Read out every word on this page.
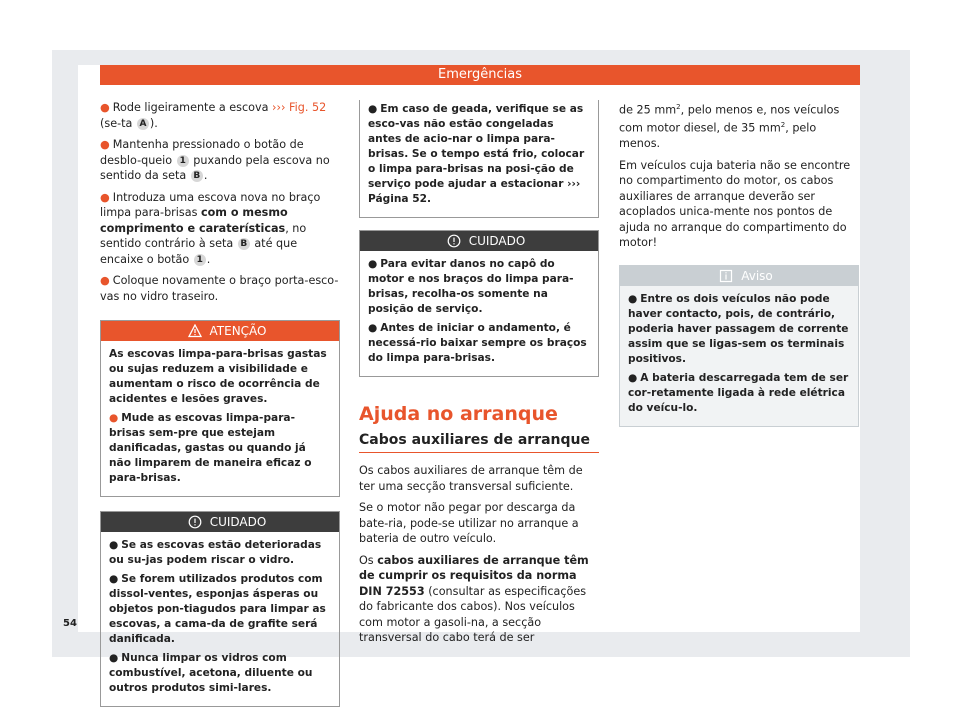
Emergências

● Rode ligeiramente a escova ››› Fig. 52 (se-ta A ).

● Mantenha pressionado o botão de desblo-queio 1 puxando pela escova no sentido da seta B .

● Introduza uma escova nova no braço limpa para-brisas com o mesmo comprimento e caraterísticas, no sentido contrário à seta B até que encaixe o botão 1 .

● Coloque novamente o braço porta-esco-vas no vidro traseiro.

ATENÇÃO

As escovas limpa-para-brisas gastas ou sujas reduzem a visibilidade e aumentam o risco de ocorrência de acidentes e lesões graves.

● Mude as escovas limpa-para-brisas sem-pre que estejam danificadas, gastas ou quando já não limparem de maneira eficaz o para-brisas.

CUIDADO

● Se as escovas estão deterioradas ou su-jas podem riscar o vidro.

● Se forem utilizados produtos com dissol-ventes, esponjas ásperas ou objetos pon-tiagudos para limpar as escovas, a cama-da de grafite será danificada.

● Nunca limpar os vidros com combustível, acetona, diluente ou outros produtos simi-lares.

● Em caso de geada, verifique se as esco-vas não estão congeladas antes de acio-nar o limpa para-brisas. Se o tempo está frio, colocar o limpa para-brisas na posi-ção de serviço pode ajudar a estacionar ››› Página 52.

CUIDADO

● Para evitar danos no capô do motor e nos braços do limpa para-brisas, recolha-os somente na posição de serviço.

● Antes de iniciar o andamento, é necessá-rio baixar sempre os braços do limpa para-brisas.

Ajuda no arranque
Cabos auxiliares de arranque

Os cabos auxiliares de arranque têm de ter uma secção transversal suficiente.

Se o motor não pegar por descarga da bate-ria, pode-se utilizar no arranque a bateria de outro veículo.

Os cabos auxiliares de arranque têm de cumprir os requisitos da norma DIN 72553 (consultar as especificações do fabricante dos cabos). Nos veículos com motor a gasoli-na, a secção transversal do cabo terá de ser

de 25 $mm^2$, pelo menos e, nos veículos com motor diesel, de 35 $mm^2$, pelo menos.

Em veículos cuja bateria não se encontre no compartimento do motor, os cabos auxiliares de arranque deverão ser acoplados unica-mente nos pontos de ajuda no arranque do compartimento do motor!

Aviso

● Entre os dois veículos não pode haver contacto, pois, de contrário, poderia haver passagem de corrente assim que se ligas-sem os terminais positivos.

● A bateria descarregada tem de ser cor-retamente ligada à rede elétrica do veícu-lo.

54
